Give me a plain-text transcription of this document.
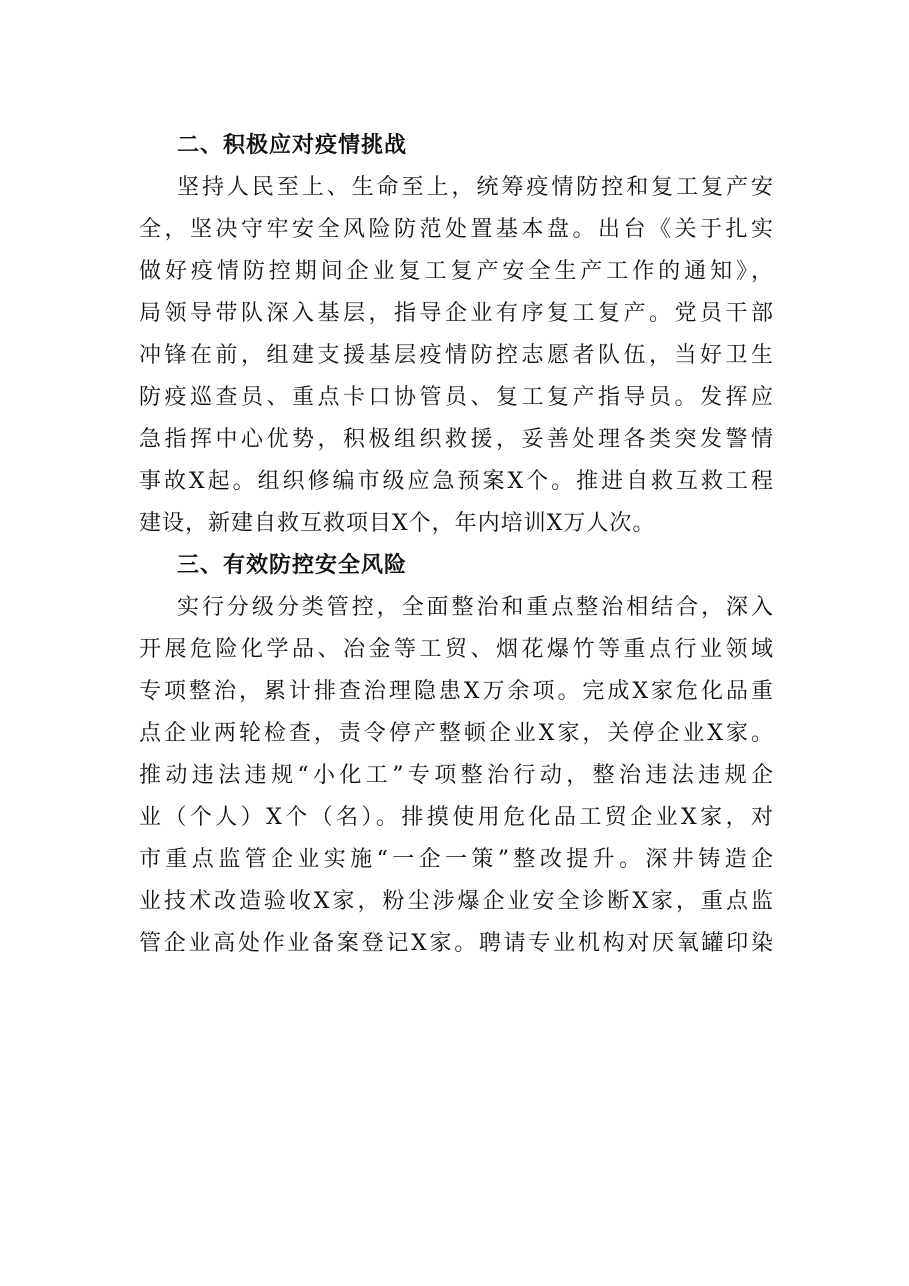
二、积极应对疫情挑战
坚持人民至上、生命至上，统筹疫情防控和复工复产安
全，坚决守牢安全风险防范处置基本盘。出台《关于扎实
做好疫情防控期间企业复工复产安全生产工作的通知》，
局领导带队深入基层，指导企业有序复工复产。党员干部
冲锋在前，组建支援基层疫情防控志愿者队伍，当好卫生
防疫巡查员、重点卡口协管员、复工复产指导员。发挥应
急指挥中心优势，积极组织救援，妥善处理各类突发警情
事故X起。组织修编市级应急预案X个。推进自救互救工程
建设，新建自救互救项目X个，年内培训X万人次。
三、有效防控安全风险
实行分级分类管控，全面整治和重点整治相结合，深入
开展危险化学品、冶金等工贸、烟花爆竹等重点行业领域
专项整治，累计排查治理隐患X万余项。完成X家危化品重
点企业两轮检查，责令停产整顿企业X家，关停企业X家。
推动违法违规“小化工”专项整治行动，整治违法违规企
业（个人）X个（名）。排摸使用危化品工贸企业X家，对
市重点监管企业实施“一企一策”整改提升。深井铸造企
业技术改造验收X家，粉尘涉爆企业安全诊断X家，重点监
管企业高处作业备案登记X家。聘请专业机构对厌氧罐印染
